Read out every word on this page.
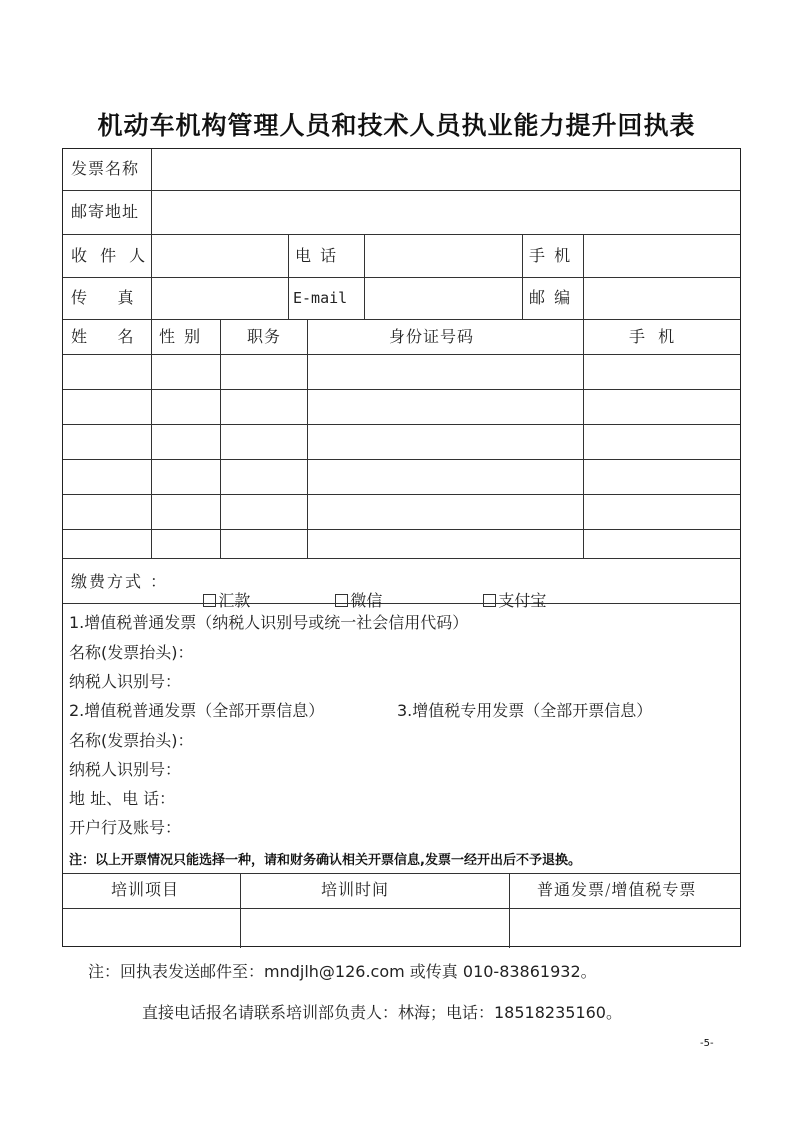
机动车机构管理人员和技术人员执业能力提升回执表
发票名称
邮寄地址
收 件 人	电 话	手 机
传      真	E-mail	邮 编
姓      名 性 别	职务	身份证号码	手 机
缴费方式 ：

汇款
	微信
	支付宝

1.增值税普通发票（纳税人识别号或统一社会信用代码）
名称(发票抬头)：
纳税人识别号：
2.增值税普通发票（全部开票信息）	3.增值税专用发票（全部开票信息）
名称(发票抬头)：
纳税人识别号：
地 址、电 话：
开户行及账号：
注：以上开票情况只能选择一种，请和财务确认相关开票信息,发票一经开出后不予退换。
培训项目	培训时间	普通发票/增值税专票
注：回执表发送邮件至：mndjlh@126.com 或传真 010-83861932。
直接电话报名请联系培训部负责人：林海；电话：18518235160。
-5-
